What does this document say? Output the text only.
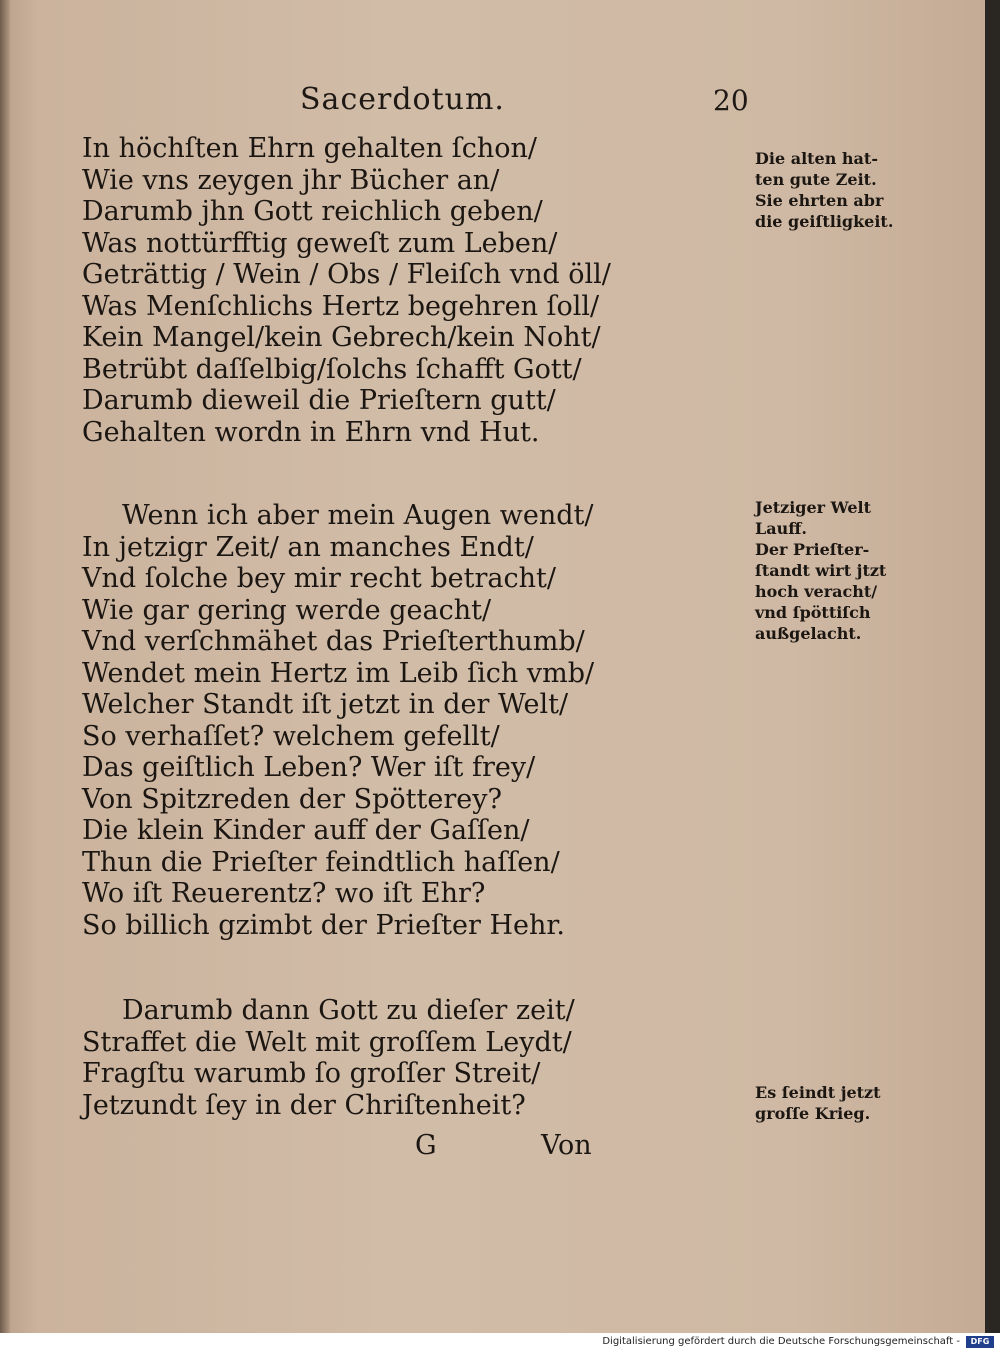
Sacerdotum.	20
In höchſten Ehrn gehalten ſchon/
Wie vns zeygen jhr Bücher an/
Darumb jhn Gott reichlich geben/
Was nottürfftig geweſt zum Leben/
Geträttig / Wein / Obs / Fleiſch vnd öll/
Was Menſchlichs Hertz begehren ſoll/
Kein Mangel/kein Gebrech/kein Noht/
Betrübt daſſelbig/ſolchs ſchafft Gott/
Darumb dieweil die Prieſtern gutt/
Gehalten wordn in Ehrn vnd Hut.
Wenn ich aber mein Augen wendt/
In jetzigr Zeit/ an manches Endt/
Vnd ſolche bey mir recht betracht/
Wie gar gering werde geacht/
Vnd verſchmähet das Prieſterthumb/
Wendet mein Hertz im Leib ſich vmb/
Welcher Standt iſt jetzt in der Welt/
So verhaſſet? welchem gefellt/
Das geiſtlich Leben? Wer iſt frey/
Von Spitzreden der Spötterey?
Die klein Kinder auff der Gaſſen/
Thun die Prieſter feindtlich haſſen/
Wo iſt Reuerentz? wo iſt Ehr?
So billich gzimbt der Prieſter Hehr.
Darumb dann Gott zu dieſer zeit/
Straffet die Welt mit groſſem Leydt/
Fragſtu warumb ſo groſſer Streit/
Jetzundt ſey in der Chriſtenheit?
G	Von
Die alten hat-
ten gute Zeit.
Sie ehrten abr
die geiſtligkeit.
Jetziger Welt
Lauff.
Der Prieſter-
ſtandt wirt jtzt
hoch veracht/
vnd ſpöttiſch
außgelacht.
Es ſeindt jetzt
groſſe Krieg.
Digitalisierung gefördert durch die Deutsche Forschungsgemeinschaft -	DFG
